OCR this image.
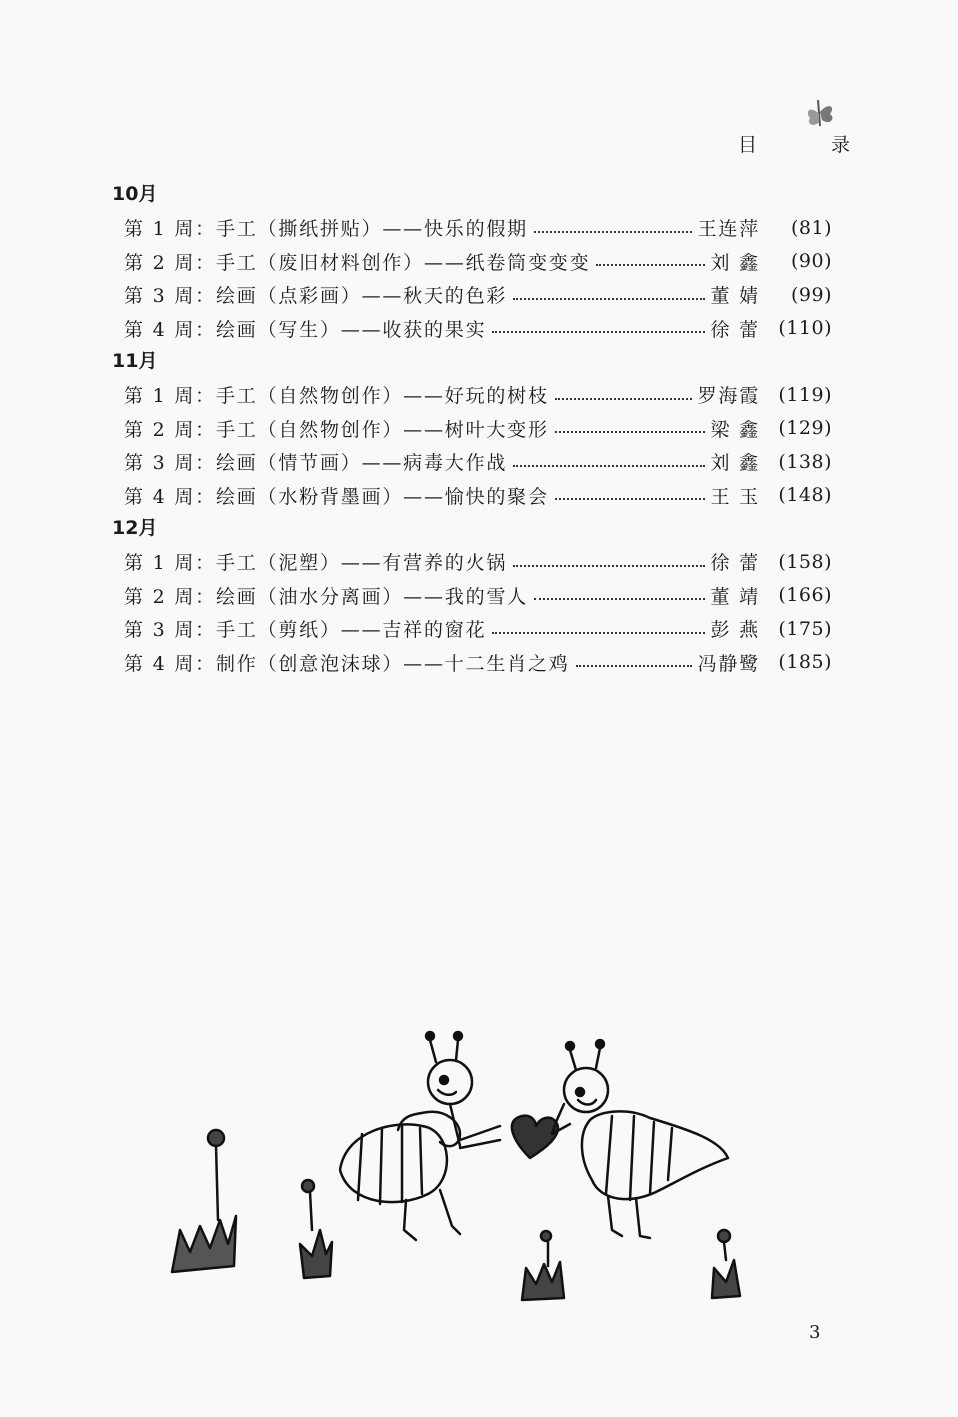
目 录
10月
第 1 周： 手工（撕纸拼贴）——快乐的假期	王连萍	(81)
第 2 周： 手工（废旧材料创作）——纸卷筒变变变	刘 鑫	(90)
第 3 周： 绘画（点彩画）——秋天的色彩	董 婧	(99)
第 4 周： 绘画（写生）——收获的果实	徐 蕾 (110)
11月
第 1 周： 手工（自然物创作）——好玩的树枝	罗海霞 (119)
第 2 周： 手工（自然物创作）——树叶大变形	梁 鑫 (129)
第 3 周： 绘画（情节画）——病毒大作战	刘 鑫 (138)
第 4 周： 绘画（水粉背墨画）——愉快的聚会	王 玉 (148)
12月
第 1 周： 手工（泥塑）——有营养的火锅	徐 蕾 (158)
第 2 周： 绘画（油水分离画）——我的雪人	董 靖 (166)
第 3 周： 手工（剪纸）——吉祥的窗花	彭 燕 (175)
第 4 周： 制作（创意泡沫球）——十二生肖之鸡	冯静鹭 (185)
3
